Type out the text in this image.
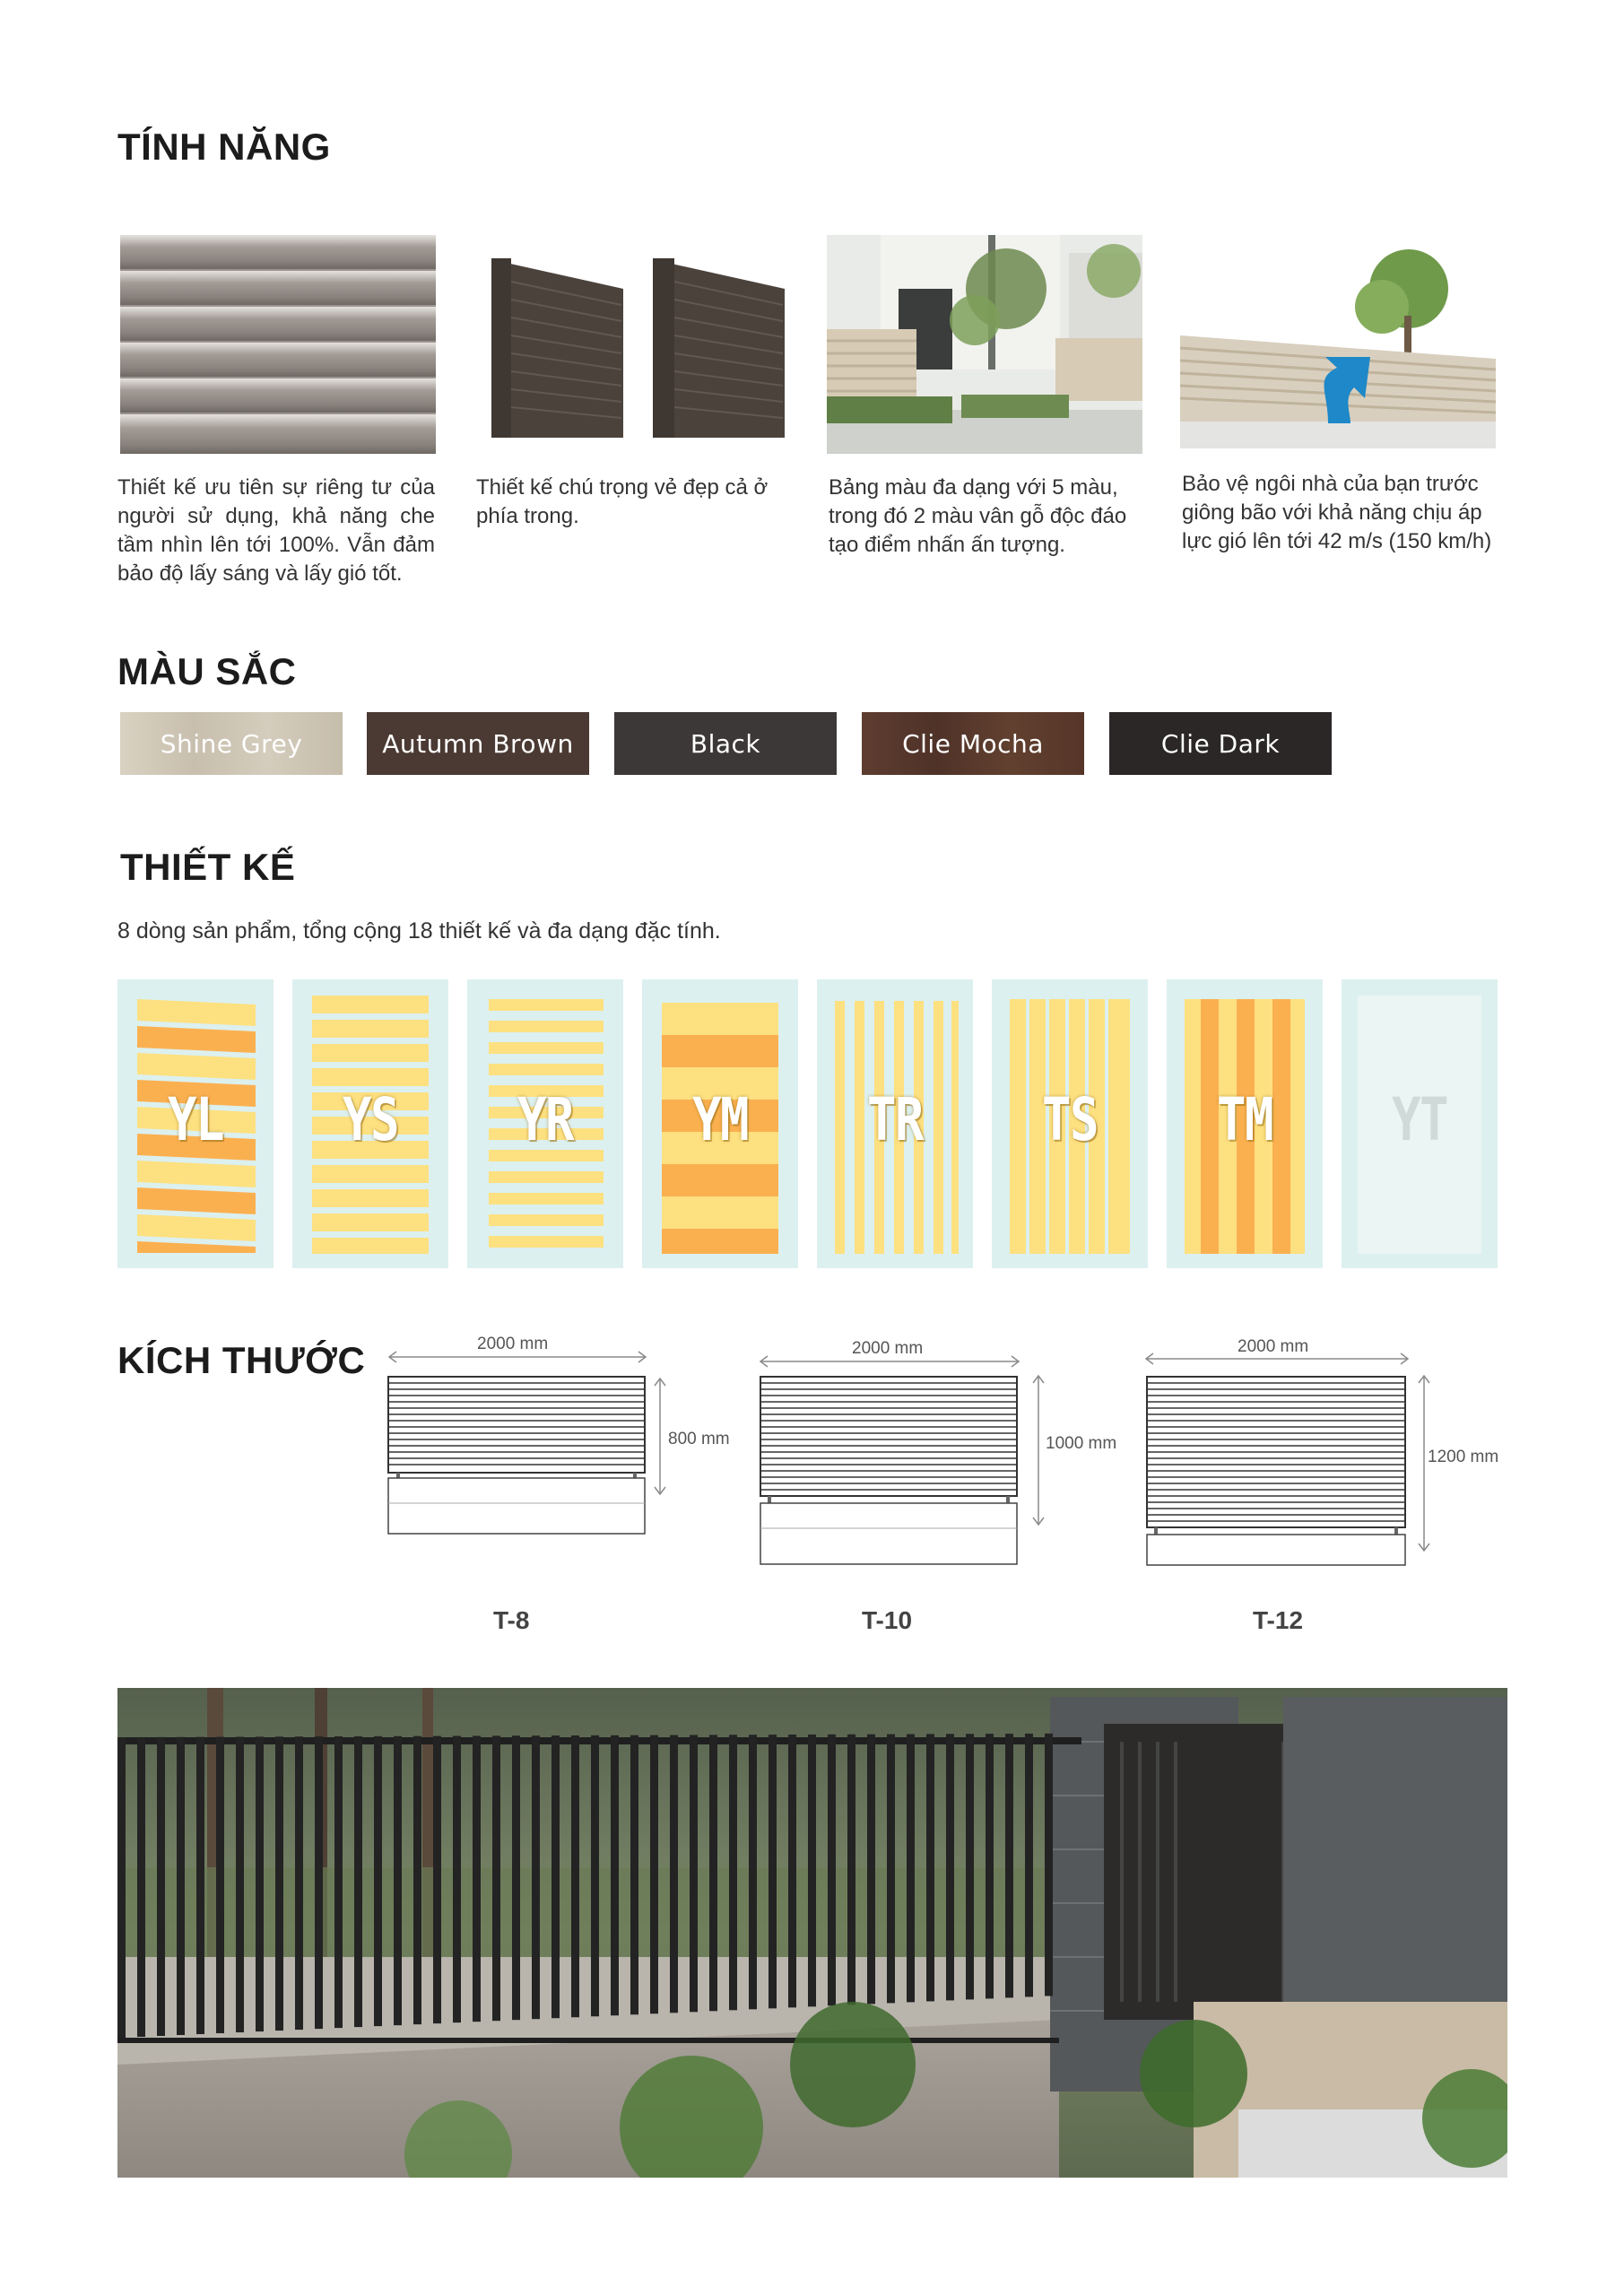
TÍNH NĂNG
Thiết kế ưu tiên sự riêng tư của người sử dụng, khả năng che tầm nhìn lên tới 100%. Vẫn đảm bảo độ lấy sáng và lấy gió tốt.
Thiết kế chú trọng vẻ đẹp cả ở phía trong.
Bảng màu đa dạng với 5 màu, trong đó 2 màu vân gỗ độc đáo tạo điểm nhấn ấn tượng.
Bảo vệ ngôi nhà của bạn trước giông bão với khả năng chịu áp lực gió lên tới 42 m/s (150 km/h)
MÀU SẮC
Shine Grey	Autumn Brown	Black	Clie Mocha	Clie Dark
THIẾT KẾ
8 dòng sản phẩm, tổng cộng 18 thiết kế và đa dạng đặc tính.
YL	YS	YR	YM	TR	TS	TM	YT
KÍCH THƯỚC	2000 mm
800 mm
T-8
2000 mm
1000 mm
T-10
2000 mm
1200 mm
T-12
